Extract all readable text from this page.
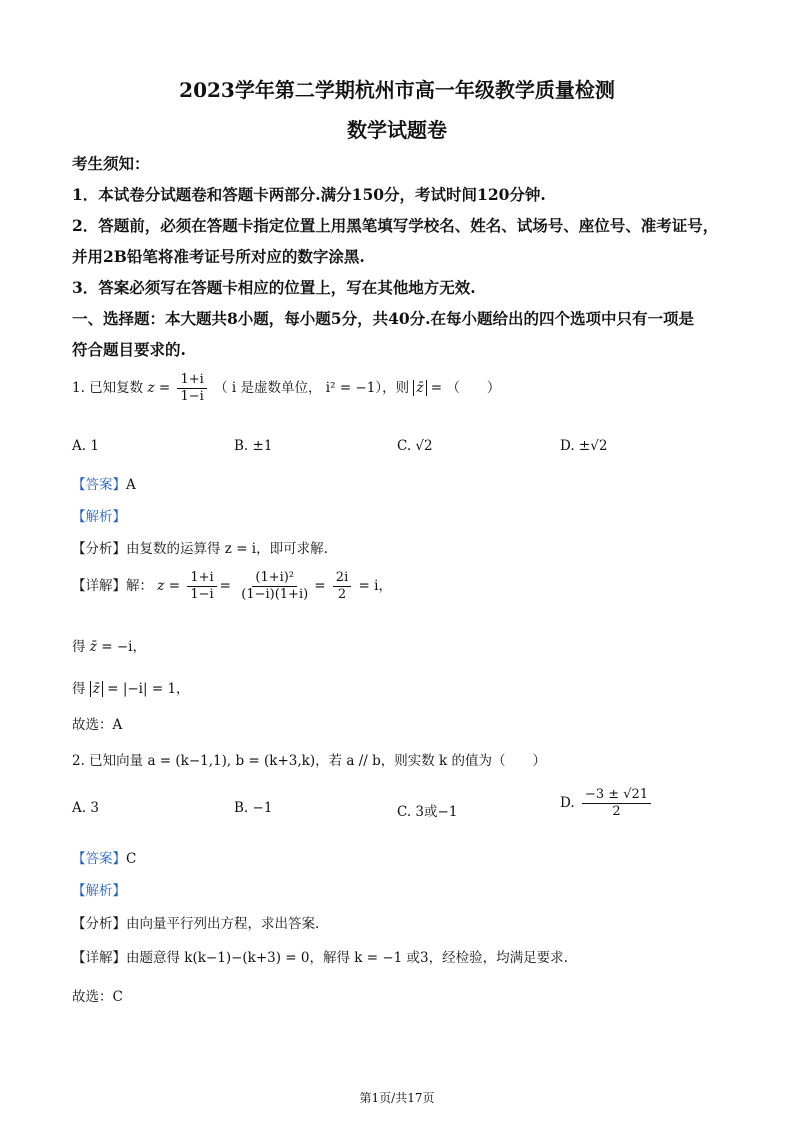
2023学年第二学期杭州市高一年级教学质量检测
数学试题卷
考生须知：
1．本试卷分试题卷和答题卡两部分.满分150分，考试时间120分钟.
2．答题前，必须在答题卡指定位置上用黑笔填写学校名、姓名、试场号、座位号、准考证号，
并用2B铅笔将准考证号所对应的数字涂黑.
3．答案必须写在答题卡相应的位置上，写在其他地方无效.
一、选择题：本大题共8小题，每小题5分，共40分.在每小题给出的四个选项中只有一项是
符合题目要求的.
1. 已知复数 $z = \frac{1+i}{1-i}$ （ i 是虚数单位， i² = −1），则 z̄ = （　　）
A. 1	B. ±1	C. √2	D. ±√2
【答案】A
【解析】
【分析】由复数的运算得 z = i，即可求解.
【详解】解： $z = \frac{1+i}{1-i} = \frac{\text{(1+i)²}}{(1-i)(1+i)} = \frac{2i}{2} = i$，
得 z̄ = −i，
得 z̄ = |−i| = 1，
故选：A
2. 已知向量 a = (k−1,1), b = (k+3,k)，若 a // b，则实数 k 的值为（　　）
A. 3	B. −1	C. 3或−1
D. $\frac{-3 \pm √21}{2}$
【答案】C
【解析】
【分析】由向量平行列出方程，求出答案.
【详解】由题意得 k(k−1)−(k+3) = 0，解得 k = −1 或3，经检验，均满足要求.
故选：C
第1页/共17页
